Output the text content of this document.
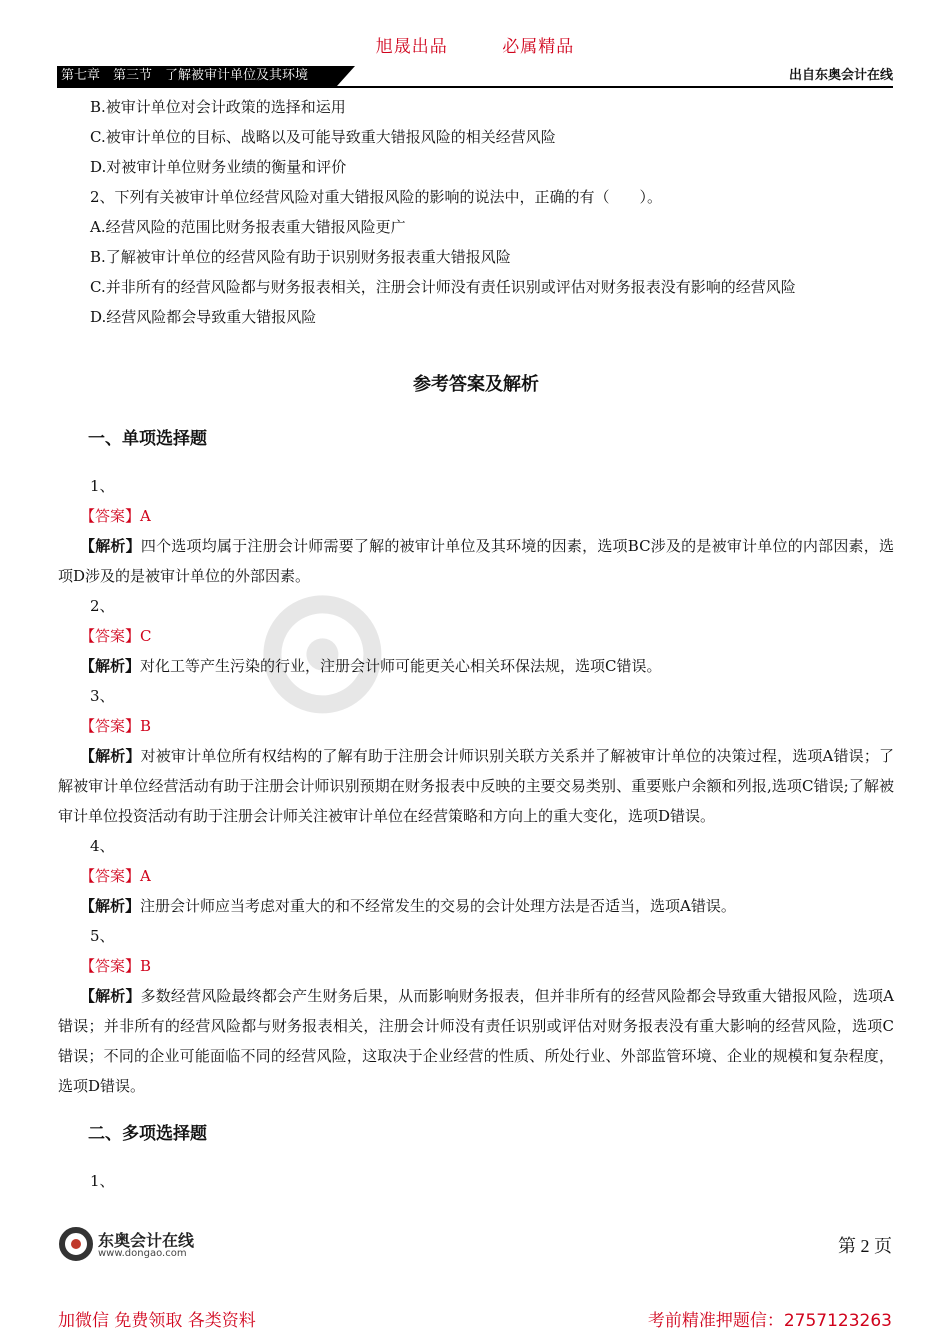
旭晟出品	必属精品
第七章　第三节　了解被审计单位及其环境	出自东奥会计在线

B.被审计单位对会计政策的选择和运用

C.被审计单位的目标、战略以及可能导致重大错报风险的相关经营风险

D.对被审计单位财务业绩的衡量和评价

2、下列有关被审计单位经营风险对重大错报风险的影响的说法中，正确的有（　　）。

A.经营风险的范围比财务报表重大错报风险更广

B.了解被审计单位的经营风险有助于识别财务报表重大错报风险

C.并非所有的经营风险都与财务报表相关，注册会计师没有责任识别或评估对财务报表没有影响的经营风险

D.经营风险都会导致重大错报风险

参考答案及解析
一、单项选择题

1、

【答案】A

【解析】四个选项均属于注册会计师需要了解的被审计单位及其环境的因素，选项BC涉及的是被审计单位的内部因素，选项D涉及的是被审计单位的外部因素。

2、

【答案】C

【解析】对化工等产生污染的行业，注册会计师可能更关心相关环保法规，选项C错误。

3、

【答案】B

【解析】对被审计单位所有权结构的了解有助于注册会计师识别关联方关系并了解被审计单位的决策过程，选项A错误；了解被审计单位经营活动有助于注册会计师识别预期在财务报表中反映的主要交易类别、重要账户余额和列报,选项C错误;了解被审计单位投资活动有助于注册会计师关注被审计单位在经营策略和方向上的重大变化，选项D错误。

4、

【答案】A

【解析】注册会计师应当考虑对重大的和不经常发生的交易的会计处理方法是否适当，选项A错误。

5、

【答案】B

【解析】多数经营风险最终都会产生财务后果，从而影响财务报表，但并非所有的经营风险都会导致重大错报风险，选项A错误；并非所有的经营风险都与财务报表相关，注册会计师没有责任识别或评估对财务报表没有重大影响的经营风险，选项C错误；不同的企业可能面临不同的经营风险，这取决于企业经营的性质、所处行业、外部监管环境、企业的规模和复杂程度，选项D错误。

二、多项选择题

1、

东奥会计在线
www.dongao.com	第 2 页
加微信 免费领取 各类资料	考前精准押题信：2757123263
